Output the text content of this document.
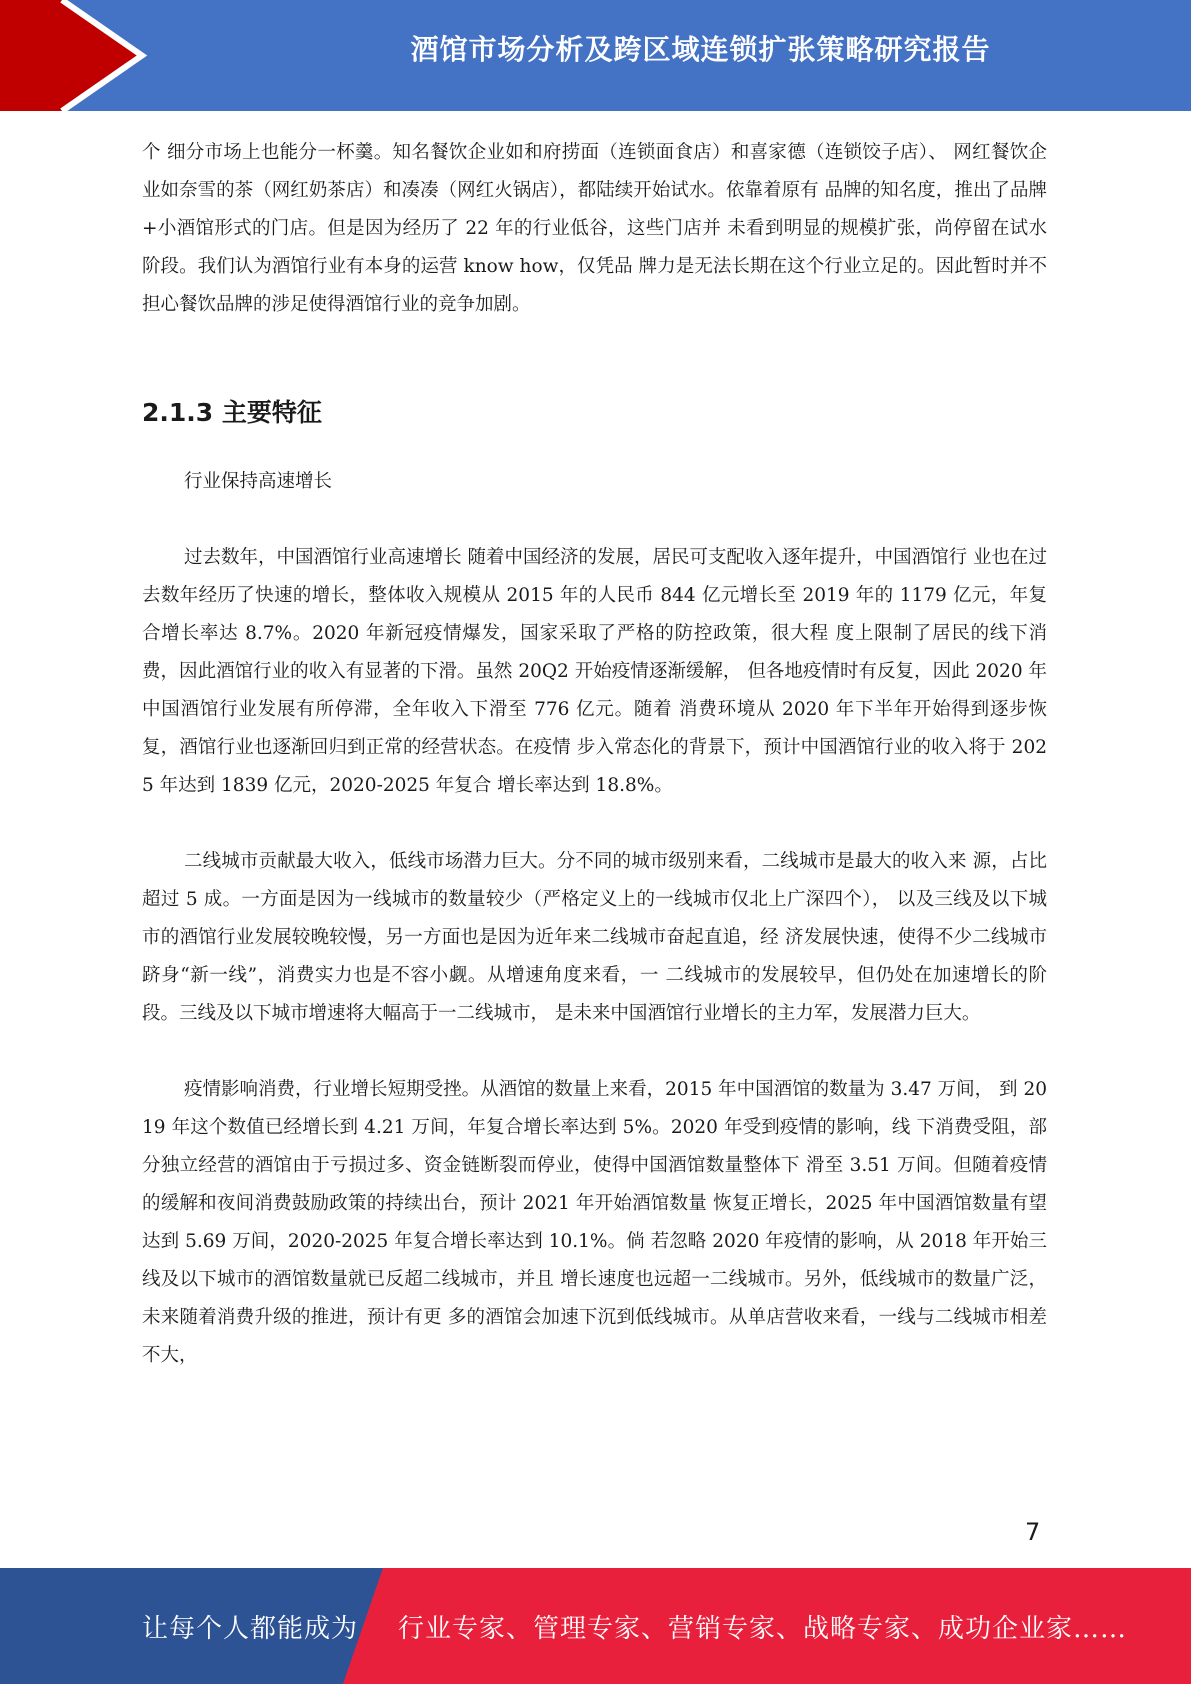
酒馆市场分析及跨区域连锁扩张策略研究报告

个 细分市场上也能分一杯羹。知名餐饮企业如和府捞面（连锁面食店）和喜家德（连锁饺子店）、 网红餐饮企业如奈雪的茶（网红奶茶店）和凑凑（网红火锅店），都陆续开始试水。依靠着原有 品牌的知名度，推出了品牌+小酒馆形式的门店。但是因为经历了 22 年的行业低谷，这些门店并 未看到明显的规模扩张，尚停留在试水阶段。我们认为酒馆行业有本身的运营 know how，仅凭品 牌力是无法长期在这个行业立足的。因此暂时并不担心餐饮品牌的涉足使得酒馆行业的竞争加剧。

2.1.3 主要特征

行业保持高速增长

过去数年，中国酒馆行业高速增长 随着中国经济的发展，居民可支配收入逐年提升，中国酒馆行 业也在过去数年经历了快速的增长，整体收入规模从 2015 年的人民币 844 亿元增长至 2019 年的 1179 亿元，年复合增长率达 8.7%。2020 年新冠疫情爆发，国家采取了严格的防控政策，很大程 度上限制了居民的线下消费，因此酒馆行业的收入有显著的下滑。虽然 20Q2 开始疫情逐渐缓解， 但各地疫情时有反复，因此 2020 年中国酒馆行业发展有所停滞，全年收入下滑至 776 亿元。随着 消费环境从 2020 年下半年开始得到逐步恢复，酒馆行业也逐渐回归到正常的经营状态。在疫情 步入常态化的背景下，预计中国酒馆行业的收入将于 2025 年达到 1839 亿元，2020-2025 年复合 增长率达到 18.8%。

二线城市贡献最大收入，低线市场潜力巨大。分不同的城市级别来看，二线城市是最大的收入来 源，占比超过 5 成。一方面是因为一线城市的数量较少（严格定义上的一线城市仅北上广深四个）， 以及三线及以下城市的酒馆行业发展较晚较慢，另一方面也是因为近年来二线城市奋起直追，经 济发展快速，使得不少二线城市跻身“新一线”，消费实力也是不容小觑。从增速角度来看，一 二线城市的发展较早，但仍处在加速增长的阶段。三线及以下城市增速将大幅高于一二线城市， 是未来中国酒馆行业增长的主力军，发展潜力巨大。

疫情影响消费，行业增长短期受挫。从酒馆的数量上来看，2015 年中国酒馆的数量为 3.47 万间， 到 2019 年这个数值已经增长到 4.21 万间，年复合增长率达到 5%。2020 年受到疫情的影响，线 下消费受阻，部分独立经营的酒馆由于亏损过多、资金链断裂而停业，使得中国酒馆数量整体下 滑至 3.51 万间。但随着疫情的缓解和夜间消费鼓励政策的持续出台，预计 2021 年开始酒馆数量 恢复正增长，2025 年中国酒馆数量有望达到 5.69 万间，2020-2025 年复合增长率达到 10.1%。倘 若忽略 2020 年疫情的影响，从 2018 年开始三线及以下城市的酒馆数量就已反超二线城市，并且 增长速度也远超一二线城市。另外，低线城市的数量广泛，未来随着消费升级的推进，预计有更 多的酒馆会加速下沉到低线城市。从单店营收来看，一线与二线城市相差不大，

7
让每个人都能成为 行业专家、管理专家、营销专家、战略专家、成功企业家……
